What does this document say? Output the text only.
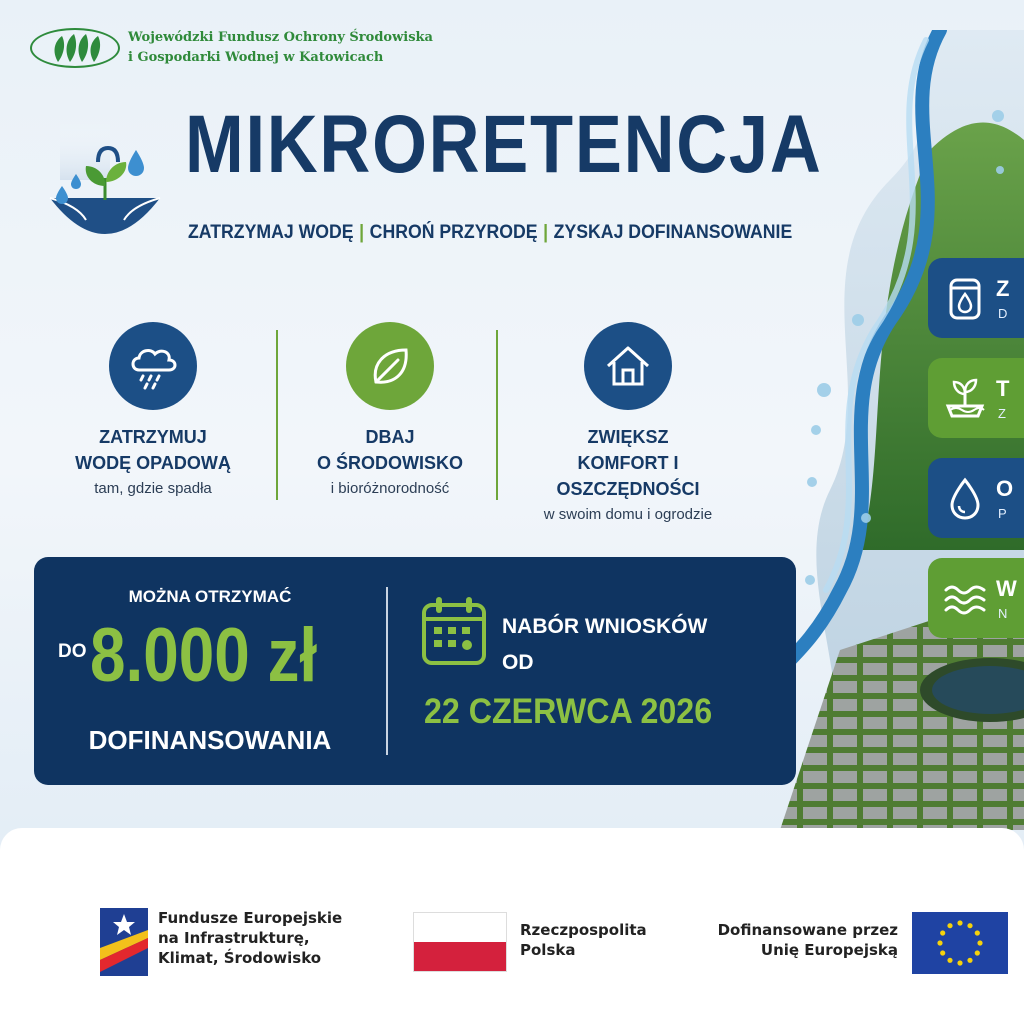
Wojewódzki Fundusz Ochrony Środowiska
i Gospodarki Wodnej w Katowicach
MIKRORETENCJA
ZATRZYMAJ WODĘ | CHROŃ PRZYRODĘ | ZYSKAJ DOFINANSOWANIE
ZATRZYMUJ
WODĘ OPADOWĄ
tam, gdzie spadła
DBAJ
O ŚRODOWISKO
i bioróżnorodność
ZWIĘKSZ
KOMFORT I OSZCZĘDNOŚCI
w swoim domu i ogrodzie
Z
D
T
Z
O
P
W
N
MOŻNA OTRZYMAĆ
DO 8.000 zł
DOFINANSOWANIA
NABÓR WNIOSKÓW
OD
22 CZERWCA 2026
Fundusze Europejskie
na Infrastrukturę,
Klimat, Środowisko
Rzeczpospolita
Polska
Dofinansowane przez
Unię Europejską
